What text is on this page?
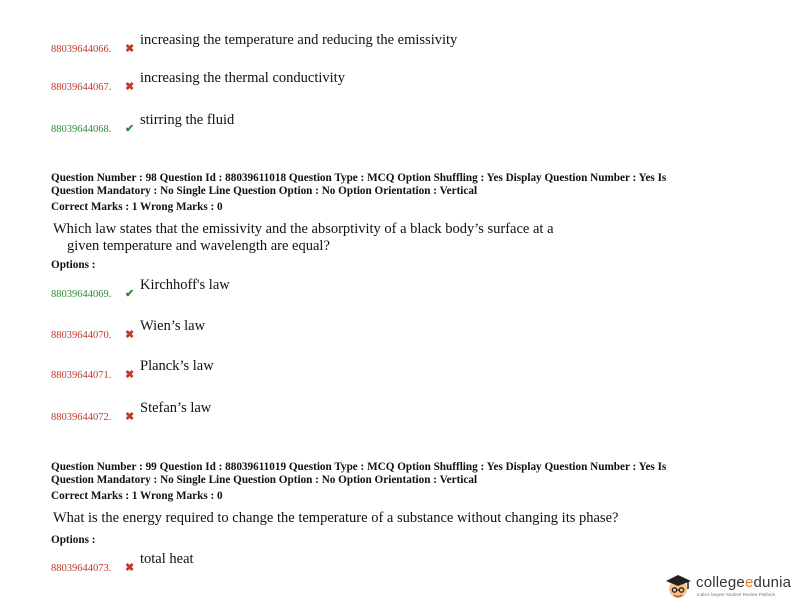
88039644066. ✖
increasing the temperature and reducing the emissivity
88039644067. ✖
increasing the thermal conductivity
88039644068. ✔
stirring the fluid
Question Number : 98 Question Id : 88039611018 Question Type : MCQ Option Shuffling : Yes Display Question Number : Yes Is
Question Mandatory : No Single Line Question Option : No Option Orientation : Vertical
Correct Marks : 1 Wrong Marks : 0
Which law states that the emissivity and the absorptivity of a black body’s surface at a
given temperature and wavelength are equal?
Options :
88039644069. ✔
Kirchhoff's law
88039644070. ✖
Wien’s law
88039644071. ✖
Planck’s law
88039644072. ✖
Stefan’s law
Question Number : 99 Question Id : 88039611019 Question Type : MCQ Option Shuffling : Yes Display Question Number : Yes Is
Question Mandatory : No Single Line Question Option : No Option Orientation : Vertical
Correct Marks : 1 Wrong Marks : 0
What is the energy required to change the temperature of a substance without changing its phase?
Options :
88039644073. ✖
total heat
collegeedunia
India's largest Student Review Platform
